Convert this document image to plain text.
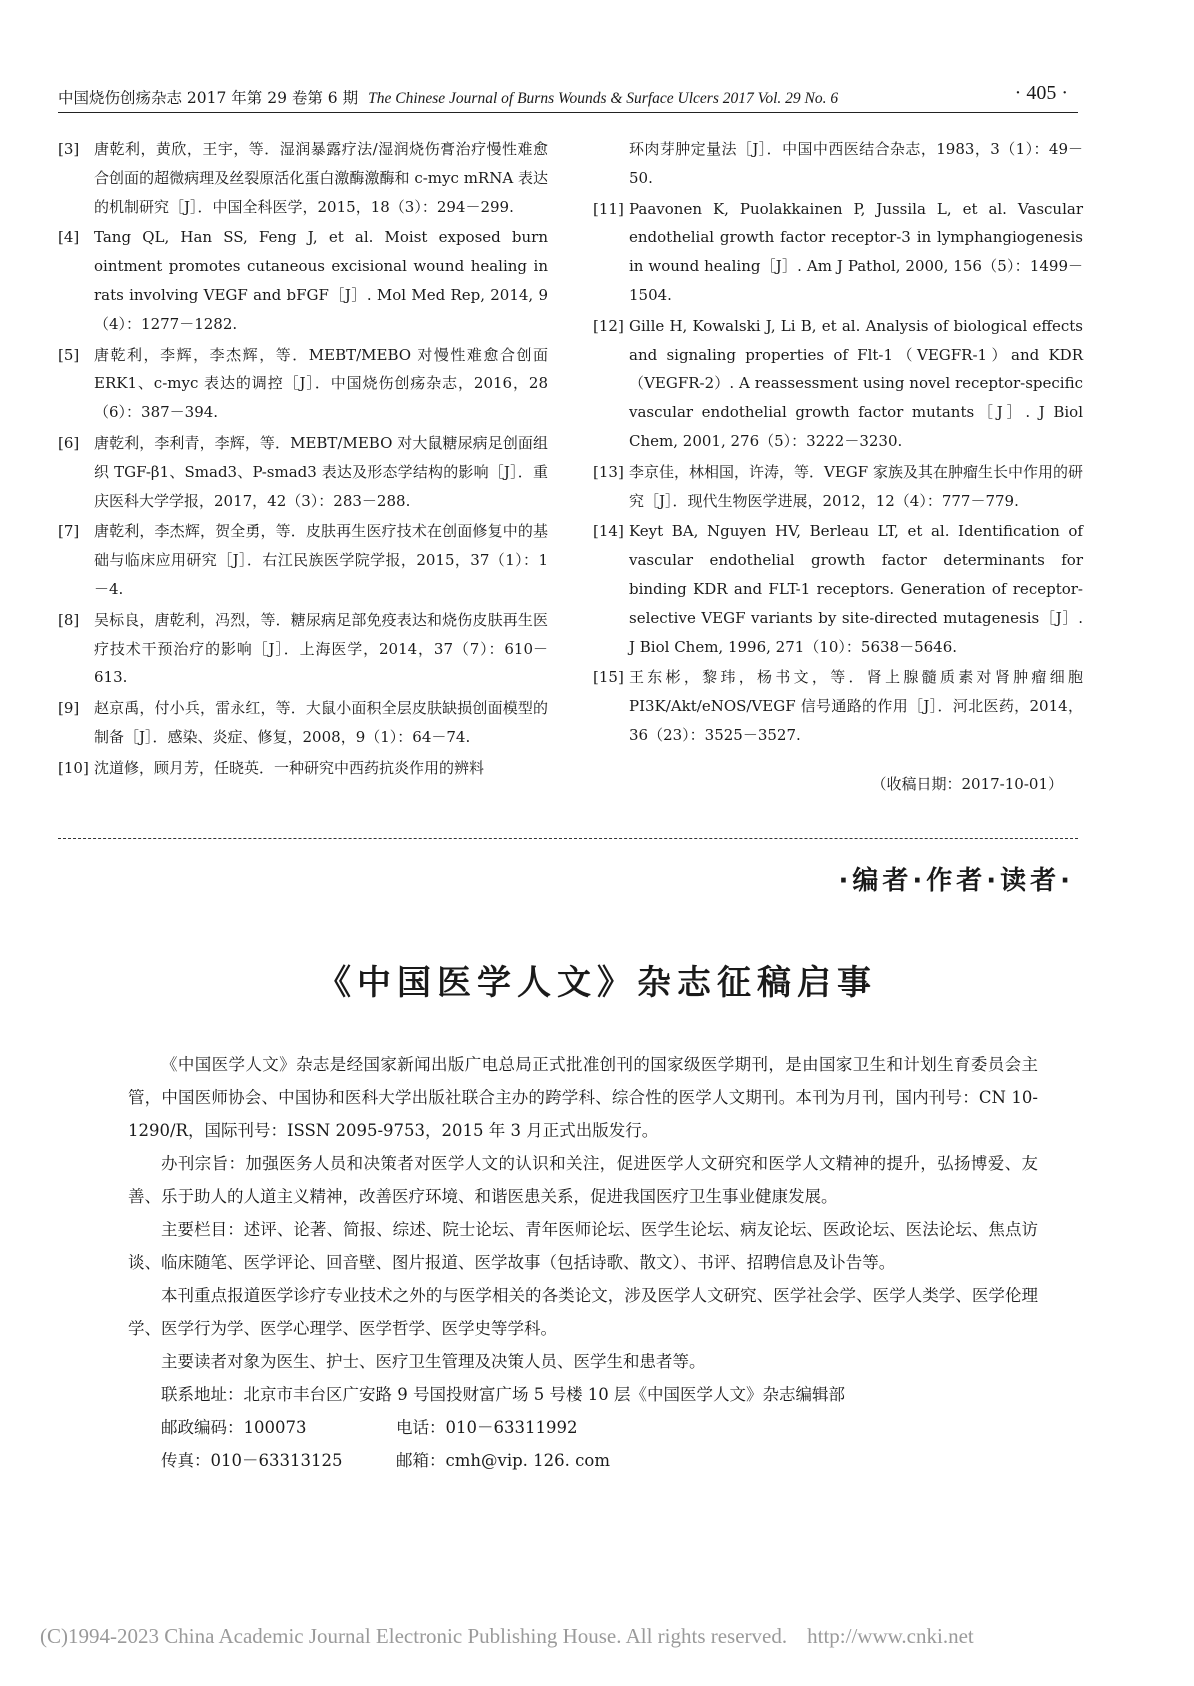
中国烧伤创疡杂志 2017 年第 29 卷第 6 期 The Chinese Journal of Burns Wounds & Surface Ulcers 2017 Vol. 29 No. 6	· 405 ·
[3] 唐乾利，黄欣，王宇，等．湿润暴露疗法/湿润烧伤膏治疗慢性难愈合创面的超微病理及丝裂原活化蛋白激酶激酶和 c-myc mRNA 表达的机制研究［J］．中国全科医学，2015，18（3）：294－299.
[4] Tang QL, Han SS, Feng J, et al. Moist exposed burn ointment promotes cutaneous excisional wound healing in rats involving VEGF and bFGF［J］. Mol Med Rep, 2014, 9（4）：1277－1282.
[5] 唐乾利，李辉，李杰辉，等．MEBT/MEBO 对慢性难愈合创面 ERK1、c-myc 表达的调控［J］．中国烧伤创疡杂志，2016，28（6）：387－394.
[6] 唐乾利，李利青，李辉，等．MEBT/MEBO 对大鼠糖尿病足创面组织 TGF-β1、Smad3、P-smad3 表达及形态学结构的影响［J］．重庆医科大学学报，2017，42（3）：283－288.
[7] 唐乾利，李杰辉，贺全勇，等．皮肤再生医疗技术在创面修复中的基础与临床应用研究［J］．右江民族医学院学报，2015，37（1）：1－4.
[8] 吴标良，唐乾利，冯烈，等．糖尿病足部免疫表达和烧伤皮肤再生医疗技术干预治疗的影响［J］．上海医学，2014，37（7）：610－613.
[9] 赵京禹，付小兵，雷永红，等．大鼠小面积全层皮肤缺损创面模型的制备［J］．感染、炎症、修复，2008，9（1）：64－74.
[10] 沈道修，顾月芳，任晓英．一种研究中西药抗炎作用的辨料
环肉芽肿定量法［J］．中国中西医结合杂志，1983，3（1）：49－50.
[11] Paavonen K, Puolakkainen P, Jussila L, et al. Vascular endothelial growth factor receptor-3 in lymphangiogenesis in wound healing［J］. Am J Pathol, 2000, 156（5）：1499－1504.
[12] Gille H, Kowalski J, Li B, et al. Analysis of biological effects and signaling properties of Flt-1（VEGFR-1）and KDR（VEGFR-2）. A reassessment using novel receptor-specific vascular endothelial growth factor mutants［J］. J Biol Chem, 2001, 276（5）：3222－3230.
[13] 李京佳，林相国，许涛，等．VEGF 家族及其在肿瘤生长中作用的研究［J］．现代生物医学进展，2012，12（4）：777－779.
[14] Keyt BA, Nguyen HV, Berleau LT, et al. Identification of vascular endothelial growth factor determinants for binding KDR and FLT-1 receptors. Generation of receptor-selective VEGF variants by site-directed mutagenesis［J］. J Biol Chem, 1996, 271（10）：5638－5646.
[15] 王东彬，黎玮，杨书文，等．肾上腺髓质素对肾肿瘤细胞 PI3K/Akt/eNOS/VEGF 信号通路的作用［J］．河北医药，2014，36（23）：3525－3527.
（收稿日期：2017-10-01）
·编者·作者·读者·
《中国医学人文》杂志征稿启事

《中国医学人文》杂志是经国家新闻出版广电总局正式批准创刊的国家级医学期刊，是由国家卫生和计划生育委员会主管，中国医师协会、中国协和医科大学出版社联合主办的跨学科、综合性的医学人文期刊。本刊为月刊，国内刊号：CN 10-1290/R，国际刊号：ISSN 2095-9753，2015 年 3 月正式出版发行。

办刊宗旨：加强医务人员和决策者对医学人文的认识和关注，促进医学人文研究和医学人文精神的提升，弘扬博爱、友善、乐于助人的人道主义精神，改善医疗环境、和谐医患关系，促进我国医疗卫生事业健康发展。

主要栏目：述评、论著、简报、综述、院士论坛、青年医师论坛、医学生论坛、病友论坛、医政论坛、医法论坛、焦点访谈、临床随笔、医学评论、回音壁、图片报道、医学故事（包括诗歌、散文）、书评、招聘信息及讣告等。

本刊重点报道医学诊疗专业技术之外的与医学相关的各类论文，涉及医学人文研究、医学社会学、医学人类学、医学伦理学、医学行为学、医学心理学、医学哲学、医学史等学科。

主要读者对象为医生、护士、医疗卫生管理及决策人员、医学生和患者等。

联系地址：北京市丰台区广安路 9 号国投财富广场 5 号楼 10 层《中国医学人文》杂志编辑部

邮政编码：100073	电话：010－63311992
传真：010－63313125	邮箱：cmh@vip. 126. com
(C)1994-2023 China Academic Journal Electronic Publishing House. All rights reserved. http://www.cnki.net
